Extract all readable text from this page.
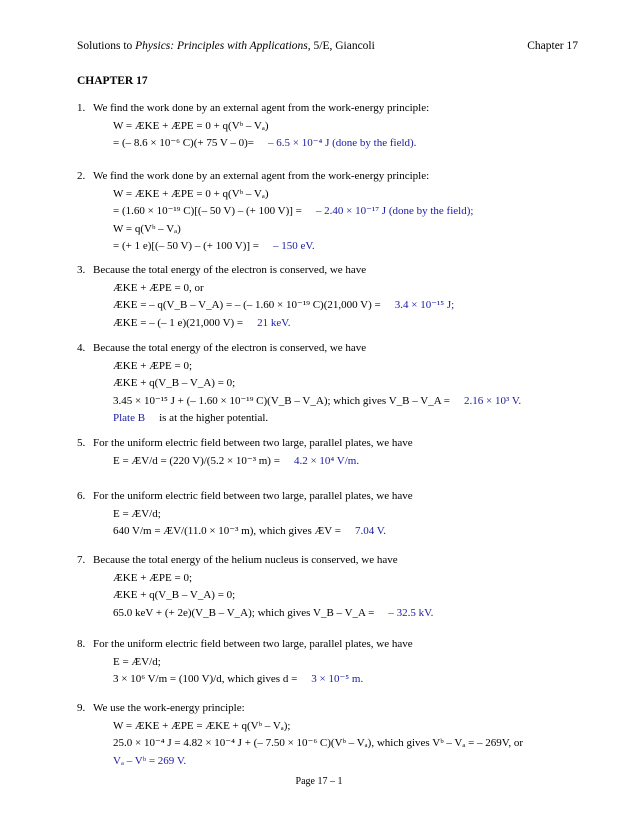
Solutions to Physics: Principles with Applications, 5/E, Giancoli	Chapter 17
CHAPTER 17
1. We find the work done by an external agent from the work-energy principle:
W = ÆKE + ÆPE = 0 + q(Vᵇ – Vₐ)
= (– 8.6 × 10⁻⁶ C)(+ 75 V – 0)= – 6.5 × 10⁻⁴ J (done by the field).
2. We find the work done by an external agent from the work-energy principle:
W = ÆKE + ÆPE = 0 + q(Vᵇ – Vₐ)
= (1.60 × 10⁻¹⁹ C)[(– 50 V) – (+ 100 V)] = – 2.40 × 10⁻¹⁷ J (done by the field);
W = q(Vᵇ – Vₐ)
= (+ 1 e)[(– 50 V) – (+ 100 V)] = – 150 eV.
3. Because the total energy of the electron is conserved, we have
ÆKE + ÆPE = 0, or
ÆKE = – q(V_B – V_A) = – (– 1.60 × 10⁻¹⁹ C)(21,000 V) = 3.4 × 10⁻¹⁵ J;
ÆKE = – (– 1 e)(21,000 V) = 21 keV.
4. Because the total energy of the electron is conserved, we have
ÆKE + ÆPE = 0;
ÆKE + q(V_B – V_A) = 0;
3.45 × 10⁻¹⁵ J + (– 1.60 × 10⁻¹⁹ C)(V_B – V_A); which gives V_B – V_A = 2.16 × 10³ V.
Plate B is at the higher potential.
5. For the uniform electric field between two large, parallel plates, we have
E = ÆV/d = (220 V)/(5.2 × 10⁻³ m) = 4.2 × 10⁴ V/m.
6. For the uniform electric field between two large, parallel plates, we have
E = ÆV/d;
640 V/m = ÆV/(11.0 × 10⁻³ m), which gives ÆV = 7.04 V.
7. Because the total energy of the helium nucleus is conserved, we have
ÆKE + ÆPE = 0;
ÆKE + q(V_B – V_A) = 0;
65.0 keV + (+ 2e)(V_B – V_A); which gives V_B – V_A = – 32.5 kV.
8. For the uniform electric field between two large, parallel plates, we have
E = ÆV/d;
3 × 10⁶ V/m = (100 V)/d, which gives d = 3 × 10⁻⁵ m.
9. We use the work-energy principle:
W = ÆKE + ÆPE = ÆKE + q(Vᵇ – Vₐ);
25.0 × 10⁻⁴ J = 4.82 × 10⁻⁴ J + (– 7.50 × 10⁻⁶ C)(Vᵇ – Vₐ), which gives Vᵇ – Vₐ = – 269V, or
Vₐ – Vᵇ = 269 V.
Page 17 – 1
